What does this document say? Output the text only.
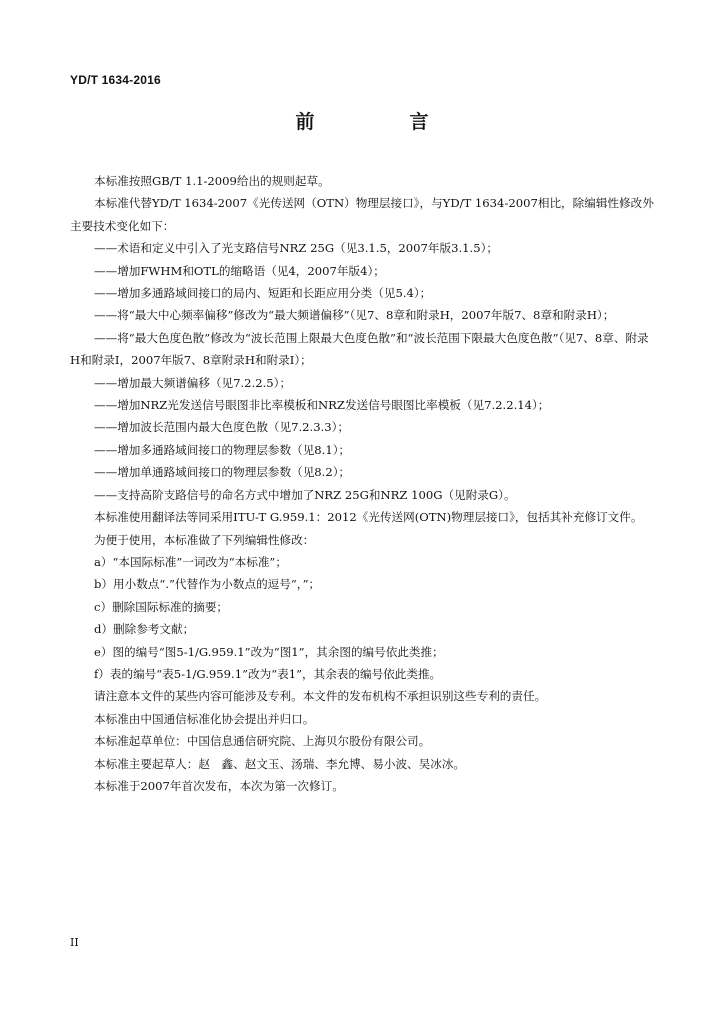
YD/T 1634-2016
前　言

本标准按照GB/T 1.1-2009给出的规则起草。

本标准代替YD/T 1634-2007《光传送网（OTN）物理层接口》，与YD/T 1634-2007相比，除编辑性修改外主要技术变化如下：

——术语和定义中引入了光支路信号NRZ 25G（见3.1.5，2007年版3.1.5）；

——增加FWHM和OTL的缩略语（见4，2007年版4）；

——增加多通路域间接口的局内、短距和长距应用分类（见5.4）；

——将“最大中心频率偏移”修改为“最大频谱偏移”（见7、8章和附录H，2007年版7、8章和附录H）；

——将“最大色度色散”修改为“波长范围上限最大色度色散”和“波长范围下限最大色度色散”（见7、8章、附录H和附录I，2007年版7、8章附录H和附录I）；

——增加最大频谱偏移（见7.2.2.5）；

——增加NRZ光发送信号眼图非比率模板和NRZ发送信号眼图比率模板（见7.2.2.14）；

——增加波长范围内最大色度色散（见7.2.3.3）；

——增加多通路域间接口的物理层参数（见8.1）；

——增加单通路域间接口的物理层参数（见8.2）；

——支持高阶支路信号的命名方式中增加了NRZ 25G和NRZ 100G（见附录G）。

本标准使用翻译法等同采用ITU-T G.959.1：2012《光传送网(OTN)物理层接口》，包括其补充修订文件。

为便于使用，本标准做了下列编辑性修改：

a）“本国际标准”一词改为“本标准”；

b）用小数点“.”代替作为小数点的逗号“，”；

c）删除国际标准的摘要；

d）删除参考文献；

e）图的编号“图5-1/G.959.1”改为“图1”，其余图的编号依此类推；

f）表的编号“表5-1/G.959.1”改为“表1”，其余表的编号依此类推。

请注意本文件的某些内容可能涉及专利。本文件的发布机构不承担识别这些专利的责任。

本标准由中国通信标准化协会提出并归口。

本标准起草单位：中国信息通信研究院、上海贝尔股份有限公司。

本标准主要起草人：赵　鑫、赵文玉、汤瑞、李允博、易小波、吴冰冰。

本标准于2007年首次发布，本次为第一次修订。

II
